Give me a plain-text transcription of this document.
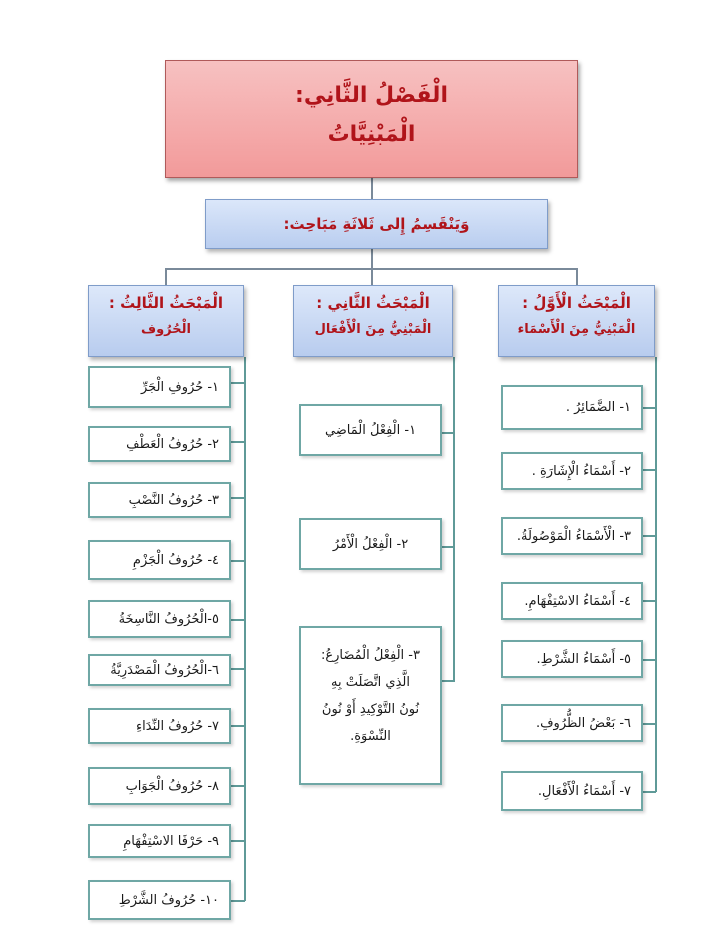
الْفَصْلُ الثَّانِي:
الْمَبْنِيَّاتُ
وَيَنْقَسِمُ إِلى ثَلاثَةِ مَبَاحِث:
الْمَبْحَثُ الْأَوَّلُ :
الْمَبْنِيُّ مِنَ الْأَسْمَاء
الْمَبْحَثُ الثَّانِي :
الْمَبْنِيُّ مِنَ الْأَفْعَال
الْمَبْحَثُ الثَّالِثُ :
الْحُرُوف
١- الضَّمَائِرُ .
٢- أَسْمَاءُ الْإِشَارَةِ .
٣- الْأَسْمَاءُ الْمَوْصُولَةُ.
٤- أَسْمَاءُ الاسْتِفْهَامِ.
٥- أَسْمَاءُ الشَّرْطِ.
٦- بَعْضُ الظُّرُوفِ.
٧- أَسْمَاءُ الْأَفْعَالِ.
١- الْفِعْلُ الْمَاضِي
٢- الْفِعْلُ الْأَمْرُ
٣- الْفِعْلُ الْمُضَارِعُ:
الَّذِي اتَّصَلَتْ بِهِ
نُونُ التَّوْكِيدِ أَوْ نُونُ
النِّسْوَةِ.
١- حُرُوفِ الْجَرِّ
٢- حُرُوفُ الْعَطْفِ
٣- حُرُوفُ النَّصْبِ
٤- حُرُوفُ الْجَزْمِ
٥-الْحُرُوفُ النَّاسِخَةُ
٦-الْحُرُوفُ الْمَصْدَرِيَّةُ
٧- حُرُوفُ النِّدَاءِ
٨- حُرُوفُ الْجَوَابِ
٩- حَرْفَا الاسْتِفْهَامِ
١٠- حُرُوفُ الشَّرْطِ
